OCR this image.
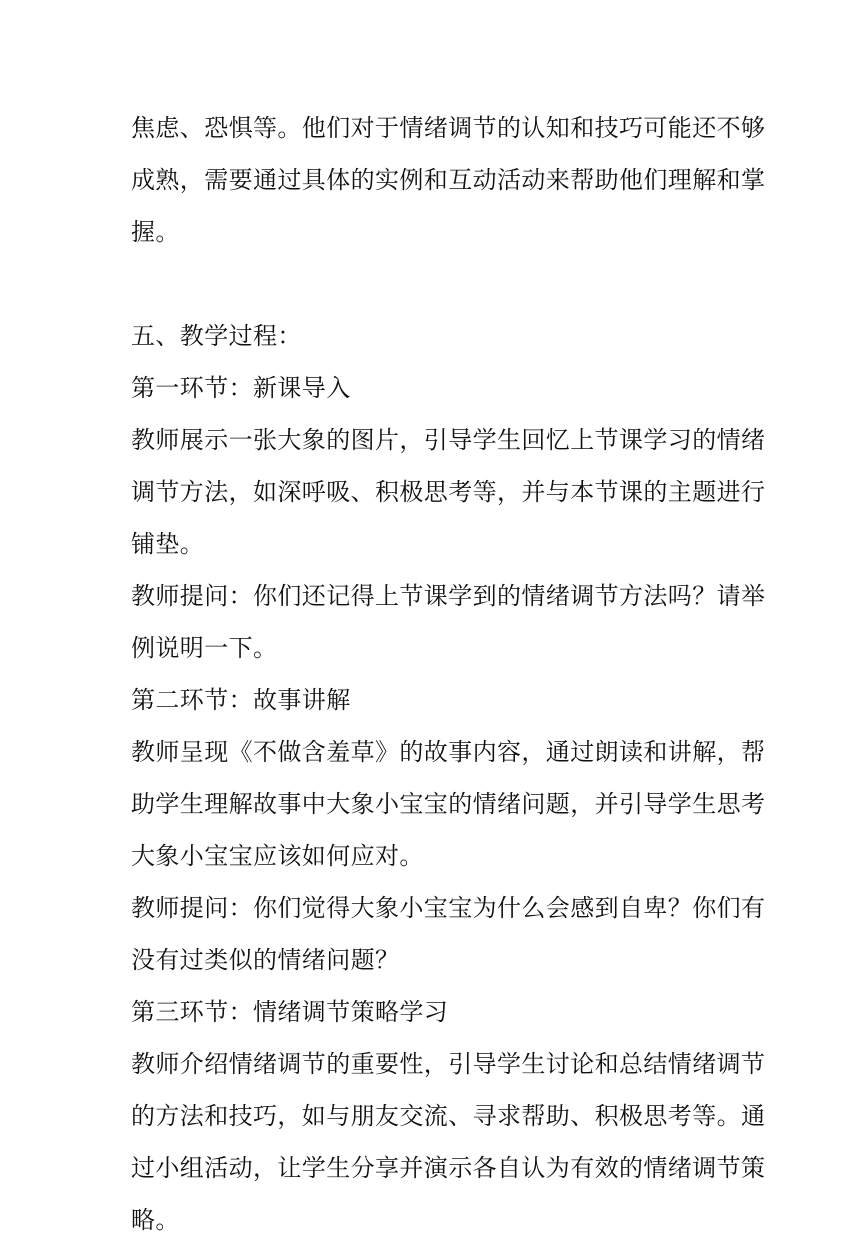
焦虑、恐惧等。他们对于情绪调节的认知和技巧可能还不够
成熟，需要通过具体的实例和互动活动来帮助他们理解和掌
握。
五、教学过程：
第一环节：新课导入
教师展示一张大象的图片，引导学生回忆上节课学习的情绪
调节方法，如深呼吸、积极思考等，并与本节课的主题进行
铺垫。
教师提问：你们还记得上节课学到的情绪调节方法吗？请举
例说明一下。
第二环节：故事讲解
教师呈现《不做含羞草》的故事内容，通过朗读和讲解，帮
助学生理解故事中大象小宝宝的情绪问题，并引导学生思考
大象小宝宝应该如何应对。
教师提问：你们觉得大象小宝宝为什么会感到自卑？你们有
没有过类似的情绪问题？
第三环节：情绪调节策略学习
教师介绍情绪调节的重要性，引导学生讨论和总结情绪调节
的方法和技巧，如与朋友交流、寻求帮助、积极思考等。通
过小组活动，让学生分享并演示各自认为有效的情绪调节策
略。
